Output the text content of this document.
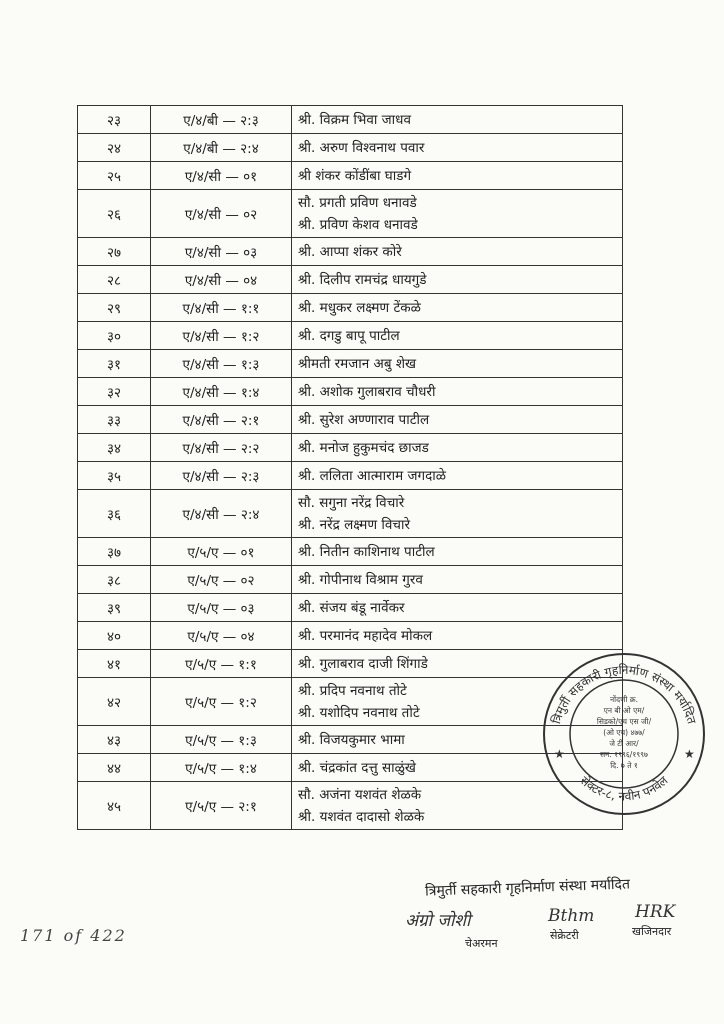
२३	ए/४/बी — २:३	श्री. विक्रम भिवा जाधव

२४	ए/४/बी — २:४	श्री. अरुण विश्वनाथ पवार

२५	ए/४/सी — ०१	श्री शंकर कोंडींबा घाडगे

२६	ए/४/सी — ०२	सौ. प्रगती प्रविण धनावडे
श्री. प्रविण केशव धनावडे

२७	ए/४/सी — ०३	श्री. आप्पा शंकर कोरे

२८	ए/४/सी — ०४	श्री. दिलीप रामचंद्र धायगुडे

२९	ए/४/सी — १:१	श्री. मधुकर लक्ष्मण टेंकळे

३०	ए/४/सी — १:२	श्री. दगडु बापू पाटील

३१	ए/४/सी — १:३	श्रीमती रमजान अबु शेख

३२	ए/४/सी — १:४	श्री. अशोक गुलाबराव चौधरी

३३	ए/४/सी — २:१	श्री. सुरेश अण्णाराव पाटील

३४	ए/४/सी — २:२	श्री. मनोज हुकुमचंद छाजड

३५	ए/४/सी — २:३	श्री. ललिता आत्माराम जगदाळे

३६	ए/४/सी — २:४	सौ. सगुना नरेंद्र विचारे
श्री. नरेंद्र लक्ष्मण विचारे

३७	ए/५/ए — ०१	श्री. नितीन काशिनाथ पाटील

३८	ए/५/ए — ०२	श्री. गोपीनाथ विश्राम गुरव

३९	ए/५/ए — ०३	श्री. संजय बंडू नार्वेकर

४०	ए/५/ए — ०४	श्री. परमानंद महादेव मोकल

४१	ए/५/ए — १:१	श्री. गुलाबराव दाजी शिंगाडे

४२	ए/५/ए — १:२	श्री. प्रदिप नवनाथ तोटे
श्री. यशोदिप नवनाथ तोटे

४३	ए/५/ए — १:३	श्री. विजयकुमार भामा

४४	ए/५/ए — १:४	श्री. चंद्रकांत दत्तु साळुंखे

४५	ए/५/ए — २:१	सौ. अजंना यशवंत शेळके
श्री. यशवंत दादासो शेळके
त्रिमुर्ती सहकारी गृहनिर्माण संस्था मर्यादित
सेक्टर-८, नवीन पनवेल
★	★
नोंदणी क्र.
एन बी ओ एम/
सिडको/एच एस जी/
(ओ एच) ४७७/
जे टी आर/
सन: १९९६/१९९७
दि. ७ ते १
त्रिमुर्ती सहकारी गृहनिर्माण संस्था मर्यादित
अंग्रो जोशी
चेअरमन
Bthm
सेक्रेटरी
HRK
खजिनदार
171 of 422
